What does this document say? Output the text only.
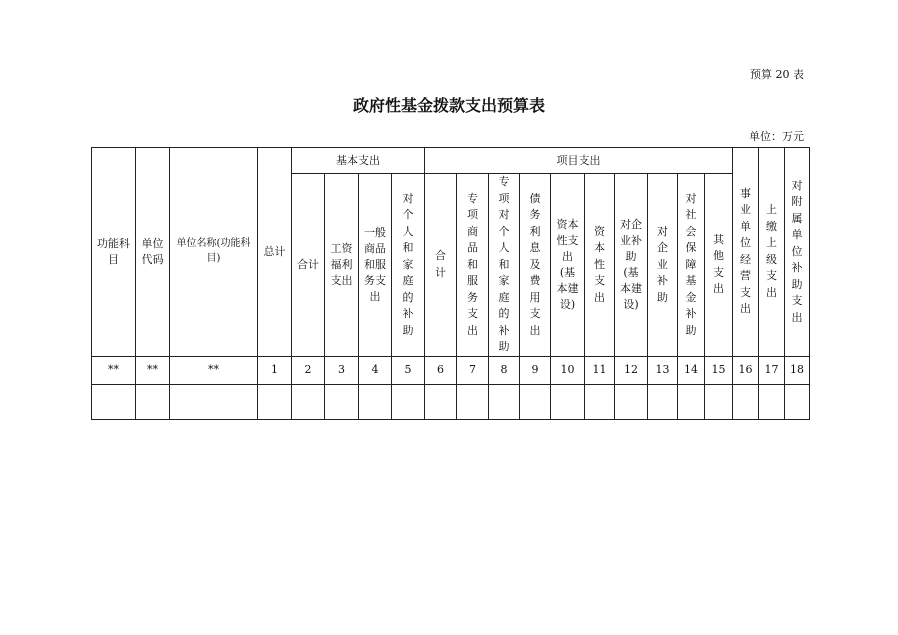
预算 20 表
政府性基金拨款支出预算表
单位：万元
功能科目	单位代码	单位名称(功能科目)	总计	基本支出				项目支出										事业单位经营支出	上缴上级支出	对附属单位补助支出
				合计	工资福利支出	一般商品和服务支出	对个人和家庭的补助	合计	专项商品和服务支出	专项对个人和家庭的补助	债务利息及费用支出	资本性支出(基本建设)	资本性支出	对企业补助(基本建设)	对企业补助	对社会保障基金补助	其他支出			
**	**	**	1	2	3	4	5	6	7	8	9	10	11	12	13	14	15	16	17	18
